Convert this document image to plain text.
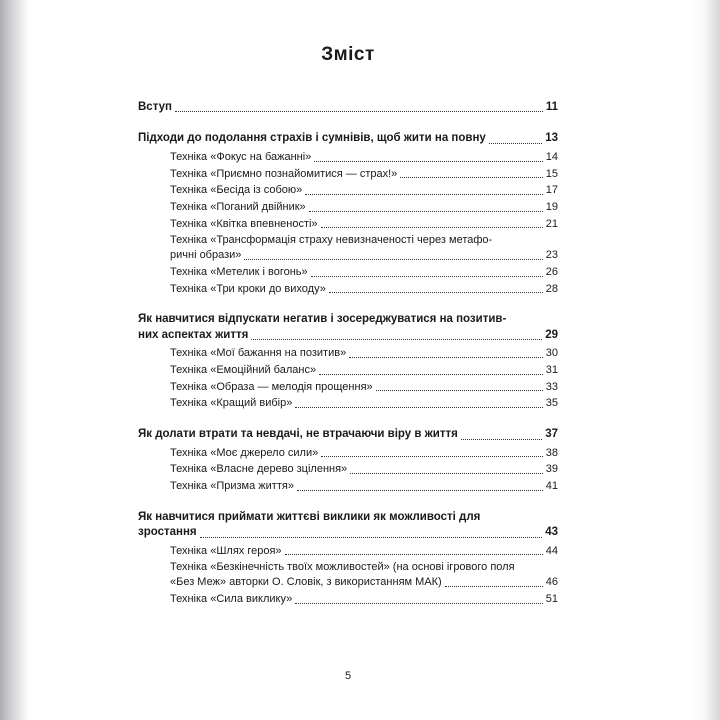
Зміст
Вступ	11
Підходи до подолання страхів і сумнівів, щоб жити на повну	13
Техніка «Фокус на бажанні»	14
Техніка «Приємно познайомитися — страх!»	15
Техніка «Бесіда із собою»	17
Техніка «Поганий двійник»	19
Техніка «Квітка впевненості»	21
Техніка «Трансформація страху невизначеності через метафо-
ричні образи»	23
Техніка «Метелик і вогонь»	26
Техніка «Три кроки до виходу»	28
Як навчитися відпускати негатив і зосереджуватися на позитив-
них аспектах життя	29
Техніка «Мої бажання на позитив»	30
Техніка «Емоційний баланс»	31
Техніка «Образа — мелодія прощення»	33
Техніка «Кращий вибір»	35
Як долати втрати та невдачі, не втрачаючи віру в життя	37
Техніка «Моє джерело сили»	38
Техніка «Власне дерево зцілення»	39
Техніка «Призма життя»	41
Як навчитися приймати життєві виклики як можливості для
зростання	43
Техніка «Шлях героя»	44
Техніка «Безкінечність твоїх можливостей» (на основі ігрового поля
«Без Меж» авторки О. Словік, з використанням МАК)	46
Техніка «Сила виклику»	51
5
